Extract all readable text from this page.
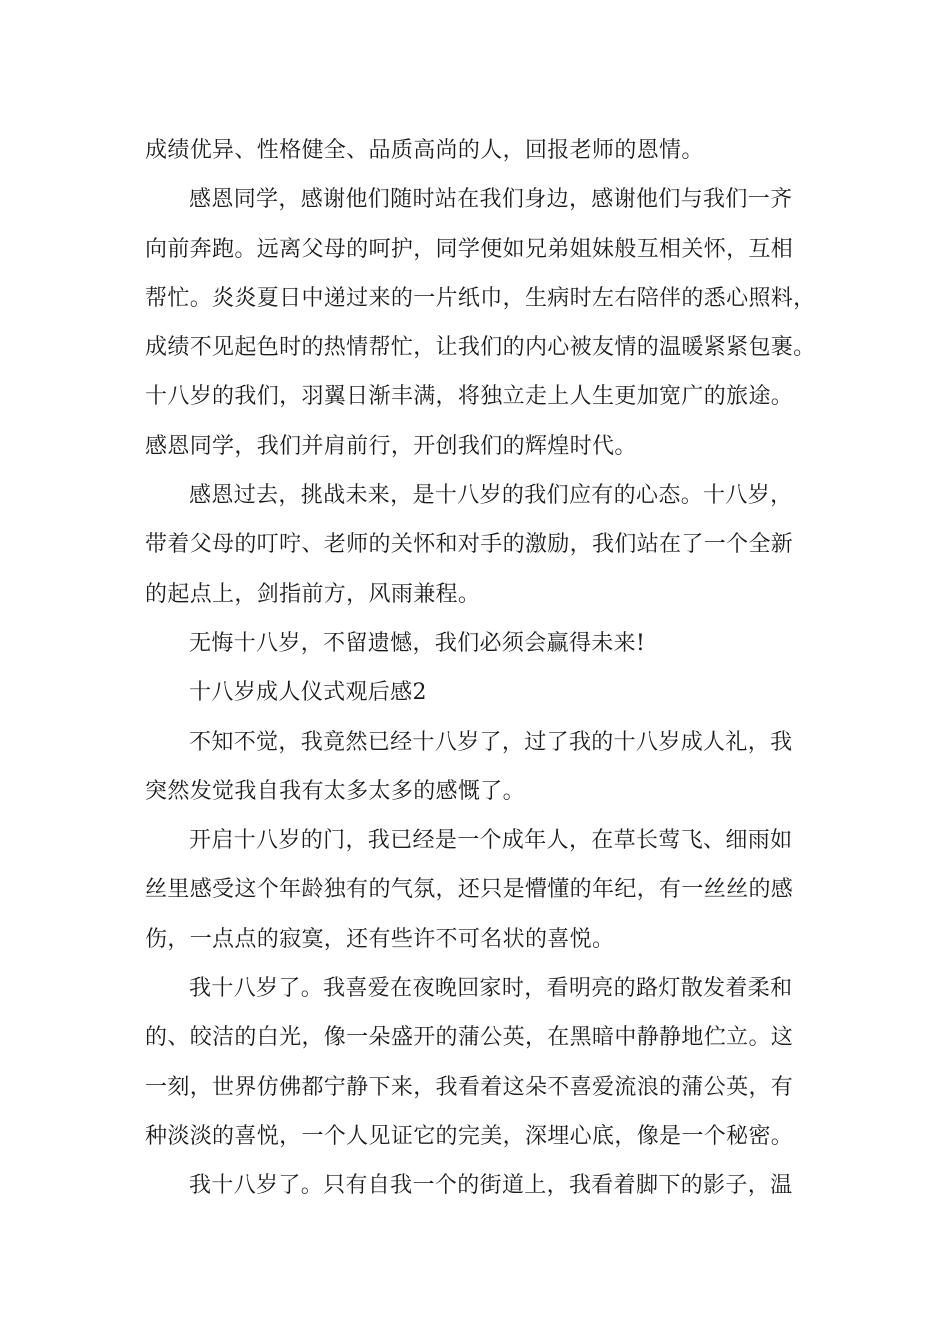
成绩优异、性格健全、品质高尚的人，回报老师的恩情。
感恩同学，感谢他们随时站在我们身边，感谢他们与我们一齐
向前奔跑。远离父母的呵护，同学便如兄弟姐妹般互相关怀，互相
帮忙。炎炎夏日中递过来的一片纸巾，生病时左右陪伴的悉心照料，
成绩不见起色时的热情帮忙，让我们的内心被友情的温暖紧紧包裹。
十八岁的我们，羽翼日渐丰满，将独立走上人生更加宽广的旅途。
感恩同学，我们并肩前行，开创我们的辉煌时代。
感恩过去，挑战未来，是十八岁的我们应有的心态。十八岁，
带着父母的叮咛、老师的关怀和对手的激励，我们站在了一个全新
的起点上，剑指前方，风雨兼程。
无悔十八岁，不留遗憾，我们必须会赢得未来!
十八岁成人仪式观后感2
不知不觉，我竟然已经十八岁了，过了我的十八岁成人礼，我
突然发觉我自我有太多太多的感慨了。
开启十八岁的门，我已经是一个成年人，在草长莺飞、细雨如
丝里感受这个年龄独有的气氛，还只是懵懂的年纪，有一丝丝的感
伤，一点点的寂寞，还有些许不可名状的喜悦。
我十八岁了。我喜爱在夜晚回家时，看明亮的路灯散发着柔和
的、皎洁的白光，像一朵盛开的蒲公英，在黑暗中静静地伫立。这
一刻，世界仿佛都宁静下来，我看着这朵不喜爱流浪的蒲公英，有
种淡淡的喜悦，一个人见证它的完美，深埋心底，像是一个秘密。
我十八岁了。只有自我一个的街道上，我看着脚下的影子，温
